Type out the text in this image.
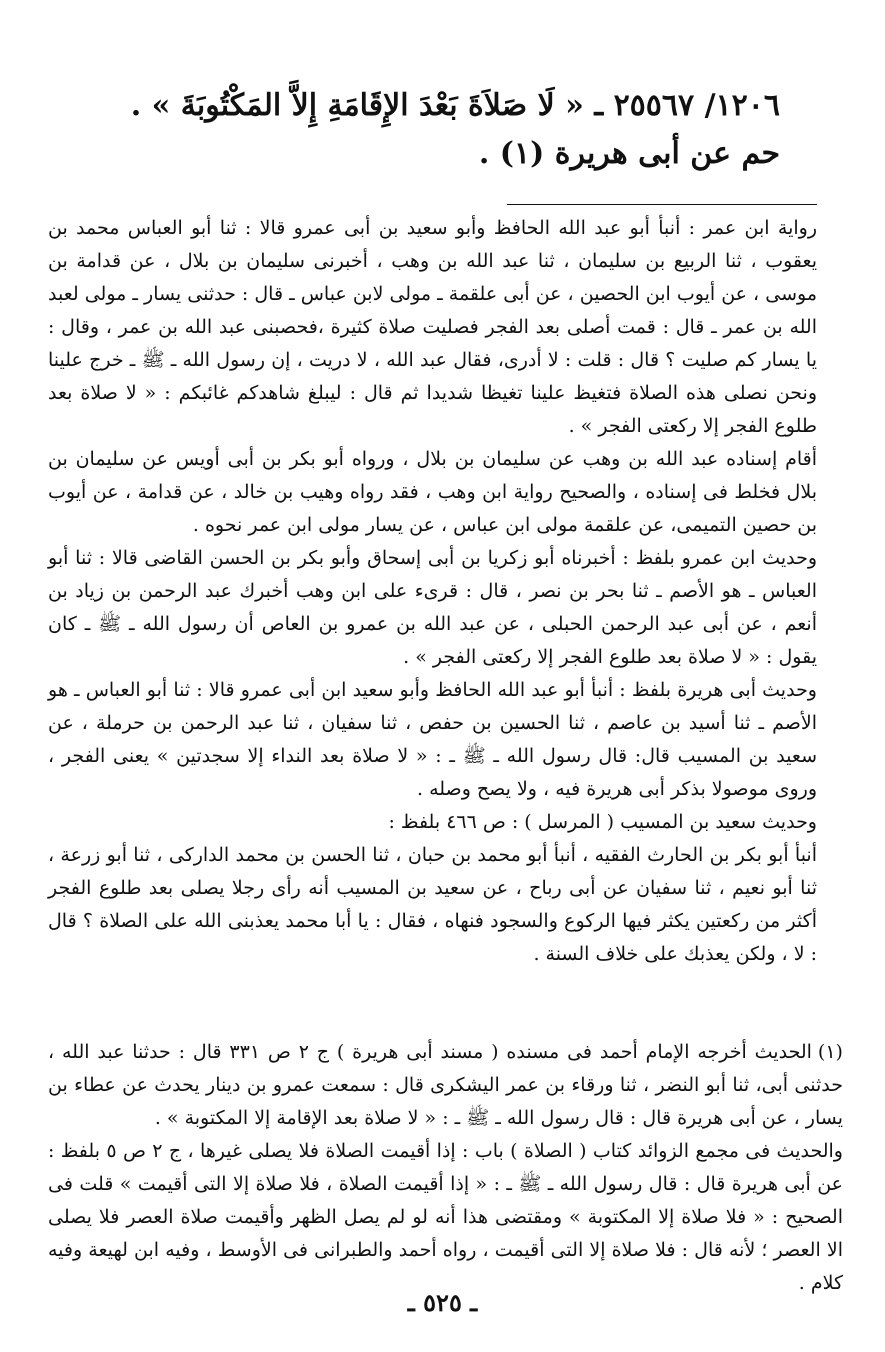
١٢٠٦/ ٢٥٥٦٧ ـ « لَا صَلاَةَ بَعْدَ الإِقَامَةِ إِلاَّ المَكْتُوبَةَ » .
حم عن أبى هريرة (١) .

رواية ابن عمر : أنبأ أبو عبد الله الحافظ وأبو سعيد بن أبى عمرو قالا : ثنا أبو العباس محمد بن يعقوب ، ثنا الربيع بن سليمان ، ثنا عبد الله بن وهب ، أخبرنى سليمان بن بلال ، عن قدامة بن موسى ، عن أيوب ابن الحصين ، عن أبى علقمة ـ مولى لابن عباس ـ قال : حدثنى يسار ـ مولى لعبد الله بن عمر ـ قال : قمت أصلى بعد الفجر فصليت صلاة كثيرة ،فحصبنى عبد الله بن عمر ، وقال : يا يسار كم صليت ؟ قال : قلت : لا أدرى، فقال عبد الله ، لا دريت ، إن رسول الله ـ ﷺ ـ خرج علينا ونحن نصلى هذه الصلاة فتغيظ علينا تغيظا شديدا ثم قال : ليبلغ شاهدكم غائبكم : « لا صلاة بعد طلوع الفجر إلا ركعتى الفجر » .

أقام إسناده عبد الله بن وهب عن سليمان بن بلال ، ورواه أبو بكر بن أبى أويس عن سليمان بن بلال فخلط فى إسناده ، والصحيح رواية ابن وهب ، فقد رواه وهيب بن خالد ، عن قدامة ، عن أيوب بن حصين التميمى، عن علقمة مولى ابن عباس ، عن يسار مولى ابن عمر نحوه .

وحديث ابن عمرو بلفظ : أخبرناه أبو زكريا بن أبى إسحاق وأبو بكر بن الحسن القاضى قالا : ثنا أبو العباس ـ هو الأصم ـ ثنا بحر بن نصر ، قال : قرىء على ابن وهب أخبرك عبد الرحمن بن زياد بن أنعم ، عن أبى عبد الرحمن الحبلى ، عن عبد الله بن عمرو بن العاص أن رسول الله ـ ﷺ ـ كان يقول : « لا صلاة بعد طلوع الفجر إلا ركعتى الفجر » .

وحديث أبى هريرة بلفظ : أنبأ أبو عبد الله الحافظ وأبو سعيد ابن أبى عمرو قالا : ثنا أبو العباس ـ هو الأصم ـ ثنا أسيد بن عاصم ، ثنا الحسين بن حفص ، ثنا سفيان ، ثنا عبد الرحمن بن حرملة ، عن سعيد بن المسيب قال: قال رسول الله ـ ﷺ ـ : « لا صلاة بعد النداء إلا سجدتين » يعنى الفجر ، وروى موصولا بذكر أبى هريرة فيه ، ولا يصح وصله .

وحديث سعيد بن المسيب ( المرسل ) : ص ٤٦٦ بلفظ :

أنبأ أبو بكر بن الحارث الفقيه ، أنبأ أبو محمد بن حبان ، ثنا الحسن بن محمد الداركى ، ثنا أبو زرعة ، ثنا أبو نعيم ، ثنا سفيان عن أبى رباح ، عن سعيد بن المسيب أنه رأى رجلا يصلى بعد طلوع الفجر أكثر من ركعتين يكثر فيها الركوع والسجود فنهاه ، فقال : يا أبا محمد يعذبنى الله على الصلاة ؟ قال : لا ، ولكن يعذبك على خلاف السنة .

(١)الحديث أخرجه الإمام أحمد فى مسنده ( مسند أبى هريرة ) ج ٢ ص ٣٣١ قال : حدثنا عبد الله ، حدثنى أبى، ثنا أبو النضر ، ثنا ورقاء بن عمر اليشكرى قال : سمعت عمرو بن دينار يحدث عن عطاء بن يسار ، عن أبى هريرة قال : قال رسول الله ـ ﷺ ـ : « لا صلاة بعد الإقامة إلا المكتوبة » .

والحديث فى مجمع الزوائد كتاب ( الصلاة ) باب : إذا أقيمت الصلاة فلا يصلى غيرها ، ج ٢ ص ٥ بلفظ : عن أبى هريرة قال : قال رسول الله ـ ﷺ ـ : « إذا أقيمت الصلاة ، فلا صلاة إلا التى أقيمت » قلت فى الصحيح : « فلا صلاة إلا المكتوبة » ومقتضى هذا أنه لو لم يصل الظهر وأقيمت صلاة العصر فلا يصلى الا العصر ؛ لأنه قال : فلا صلاة إلا التى أقيمت ، رواه أحمد والطبرانى فى الأوسط ، وفيه ابن لهيعة وفيه كلام .

ـ ٥٢٥ ـ
